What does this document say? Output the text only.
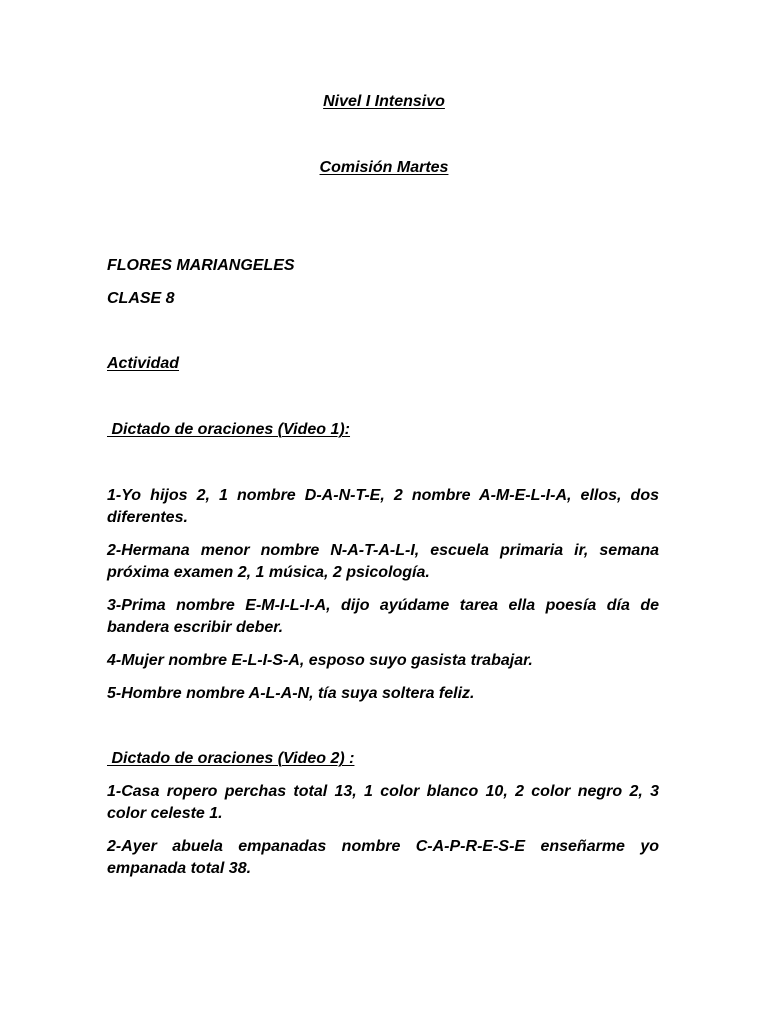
Nivel I Intensivo
Comisión Martes
FLORES MARIANGELES
CLASE 8
Actividad
Dictado de oraciones (Video 1):
1-Yo hijos 2, 1 nombre D-A-N-T-E, 2 nombre A-M-E-L-I-A, ellos, dos diferentes.
2-Hermana menor nombre N-A-T-A-L-I, escuela primaria ir, semana próxima examen 2, 1 música, 2 psicología.
3-Prima nombre E-M-I-L-I-A, dijo ayúdame tarea ella poesía día de bandera escribir deber.
4-Mujer nombre E-L-I-S-A, esposo suyo gasista trabajar.
5-Hombre nombre A-L-A-N, tía suya soltera feliz.
Dictado de oraciones (Video 2) :
1-Casa ropero perchas total 13, 1 color blanco 10, 2 color negro 2, 3 color celeste 1.
2-Ayer abuela empanadas nombre C-A-P-R-E-S-E enseñarme yo empanada total 38.
